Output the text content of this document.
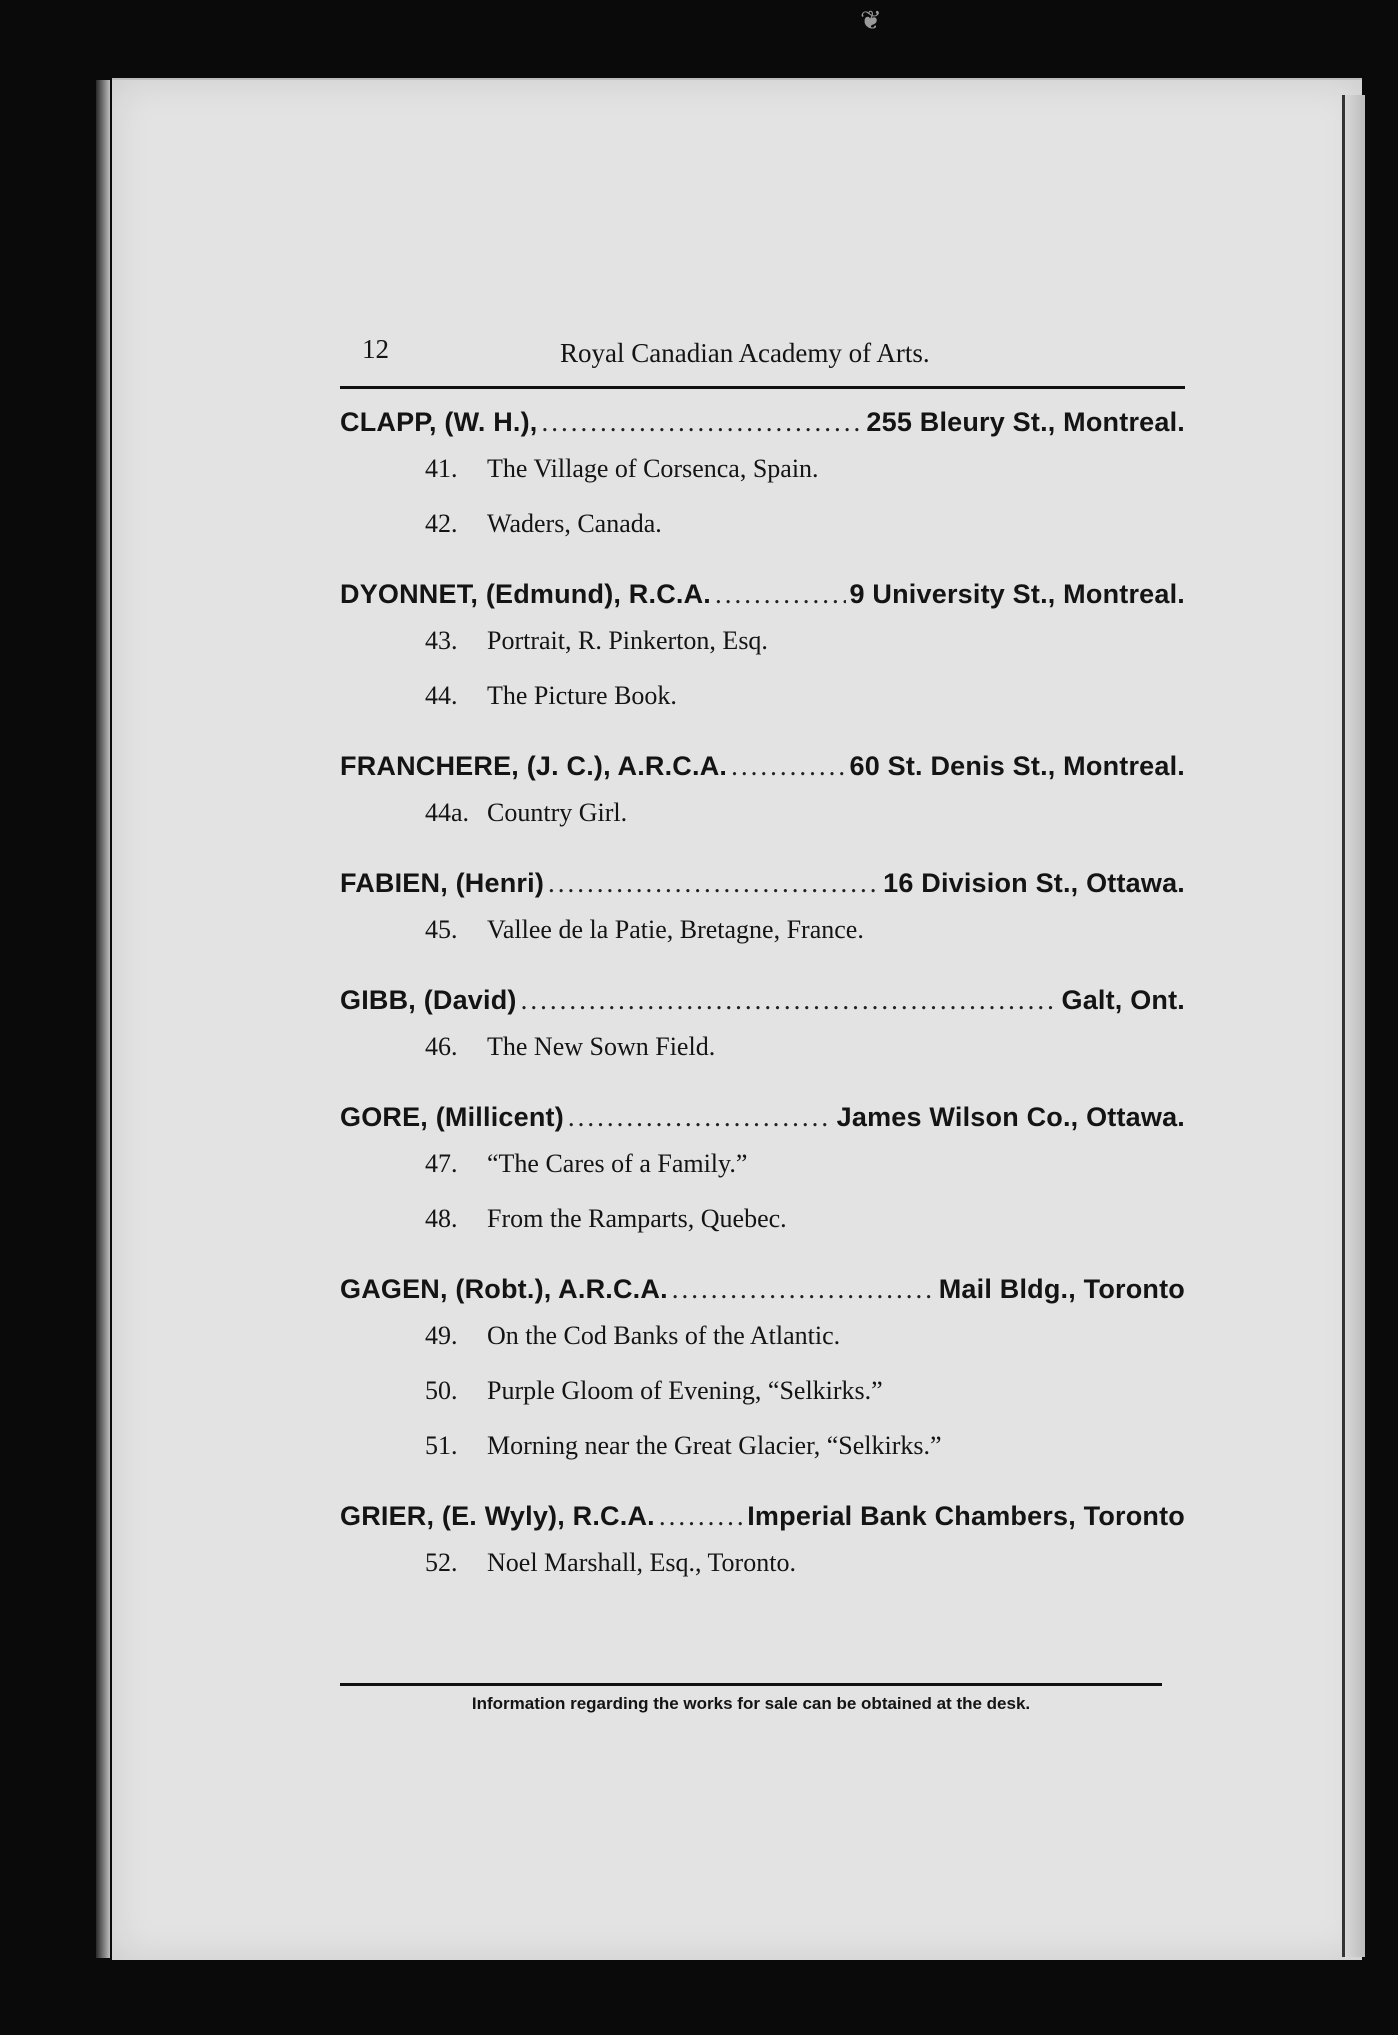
❦
12	Royal Canadian Academy of Arts.
CLAPP, (W. H.), .....	255 Bleury St., Montreal.
41. The Village of Corsenca, Spain.
42. Waders, Canada.
DYONNET, (Edmund), R.C.A. .....	9 University St., Montreal.
43. Portrait, R. Pinkerton, Esq.
44. The Picture Book.
FRANCHERE, (J. C.), A.R.C.A. .....	60 St. Denis St., Montreal.
44a. Country Girl.
FABIEN, (Henri) .....	16 Division St., Ottawa.
45. Vallee de la Patie, Bretagne, France.
GIBB, (David) .....	Galt, Ont.
46. The New Sown Field.
GORE, (Millicent) .....	James Wilson Co., Ottawa.
47. “The Cares of a Family.”
48. From the Ramparts, Quebec.
GAGEN, (Robt.), A.R.C.A. .....	Mail Bldg., Toronto
49. On the Cod Banks of the Atlantic.
50. Purple Gloom of Evening, “Selkirks.”
51. Morning near the Great Glacier, “Selkirks.”
GRIER, (E. Wyly), R.C.A. .....	Imperial Bank Chambers, Toronto
52. Noel Marshall, Esq., Toronto.
Information regarding the works for sale can be obtained at the desk.
